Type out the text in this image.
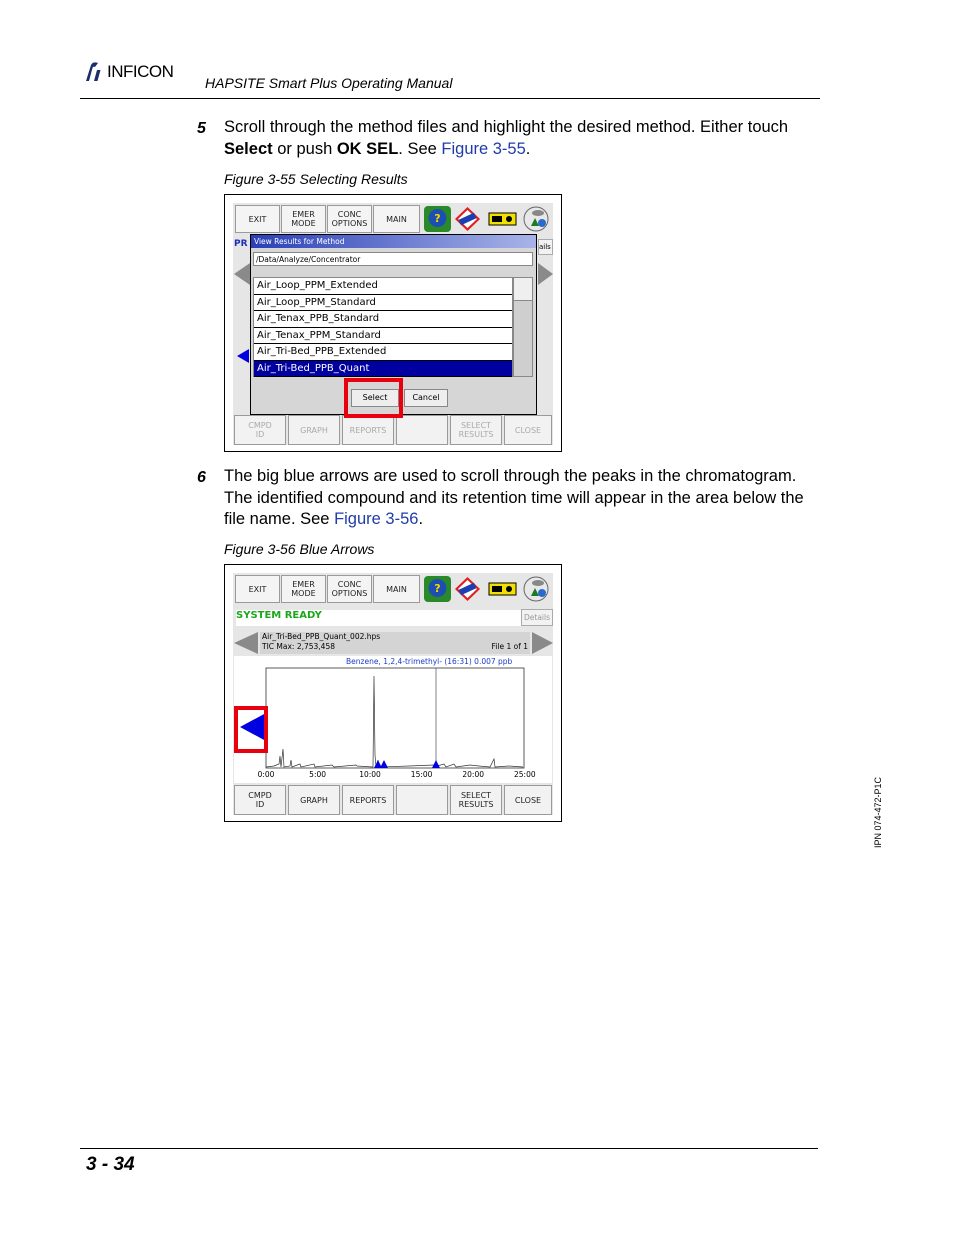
INFICON
HAPSITE Smart Plus Operating Manual
5 Scroll through the method files and highlight the desired method. Either touch Select or push OK SEL. See Figure 3-55.
Figure 3-55 Selecting Results
EXIT	EMER
MODE
CONC
OPTIONS MAIN ?
PR	ails
View Results for Method
/Data/Analyze/Concentrator
Air_Loop_PPM_Extended
Air_Loop_PPM_Standard
Air_Tenax_PPB_Standard
Air_Tenax_PPM_Standard
Air_Tri-Bed_PPB_Extended
Air_Tri-Bed_PPB_Quant
Select	Cancel
CMPD
ID	GRAPH	REPORTS	SELECT
RESULTS	CLOSE
6 The big blue arrows are used to scroll through the peaks in the chromatogram. The identified compound and its retention time will appear in the area below the file name. See Figure 3-56.
Figure 3-56 Blue Arrows
EXIT	EMER
MODE
CONC
OPTIONS MAIN ?
SYSTEM READY	Details
Air_Tri-Bed_PPB_Quant_002.hps
TIC Max: 2,753,458	File 1 of 1
Benzene, 1,2,4-trimethyl- (16:31) 0.007 ppb
0:00	5:00	10:00	15:00	20:00	25:00
CMPD
ID	GRAPH	REPORTS	SELECT
RESULTS	CLOSE	IPN 074-472-P1C
3 - 34
